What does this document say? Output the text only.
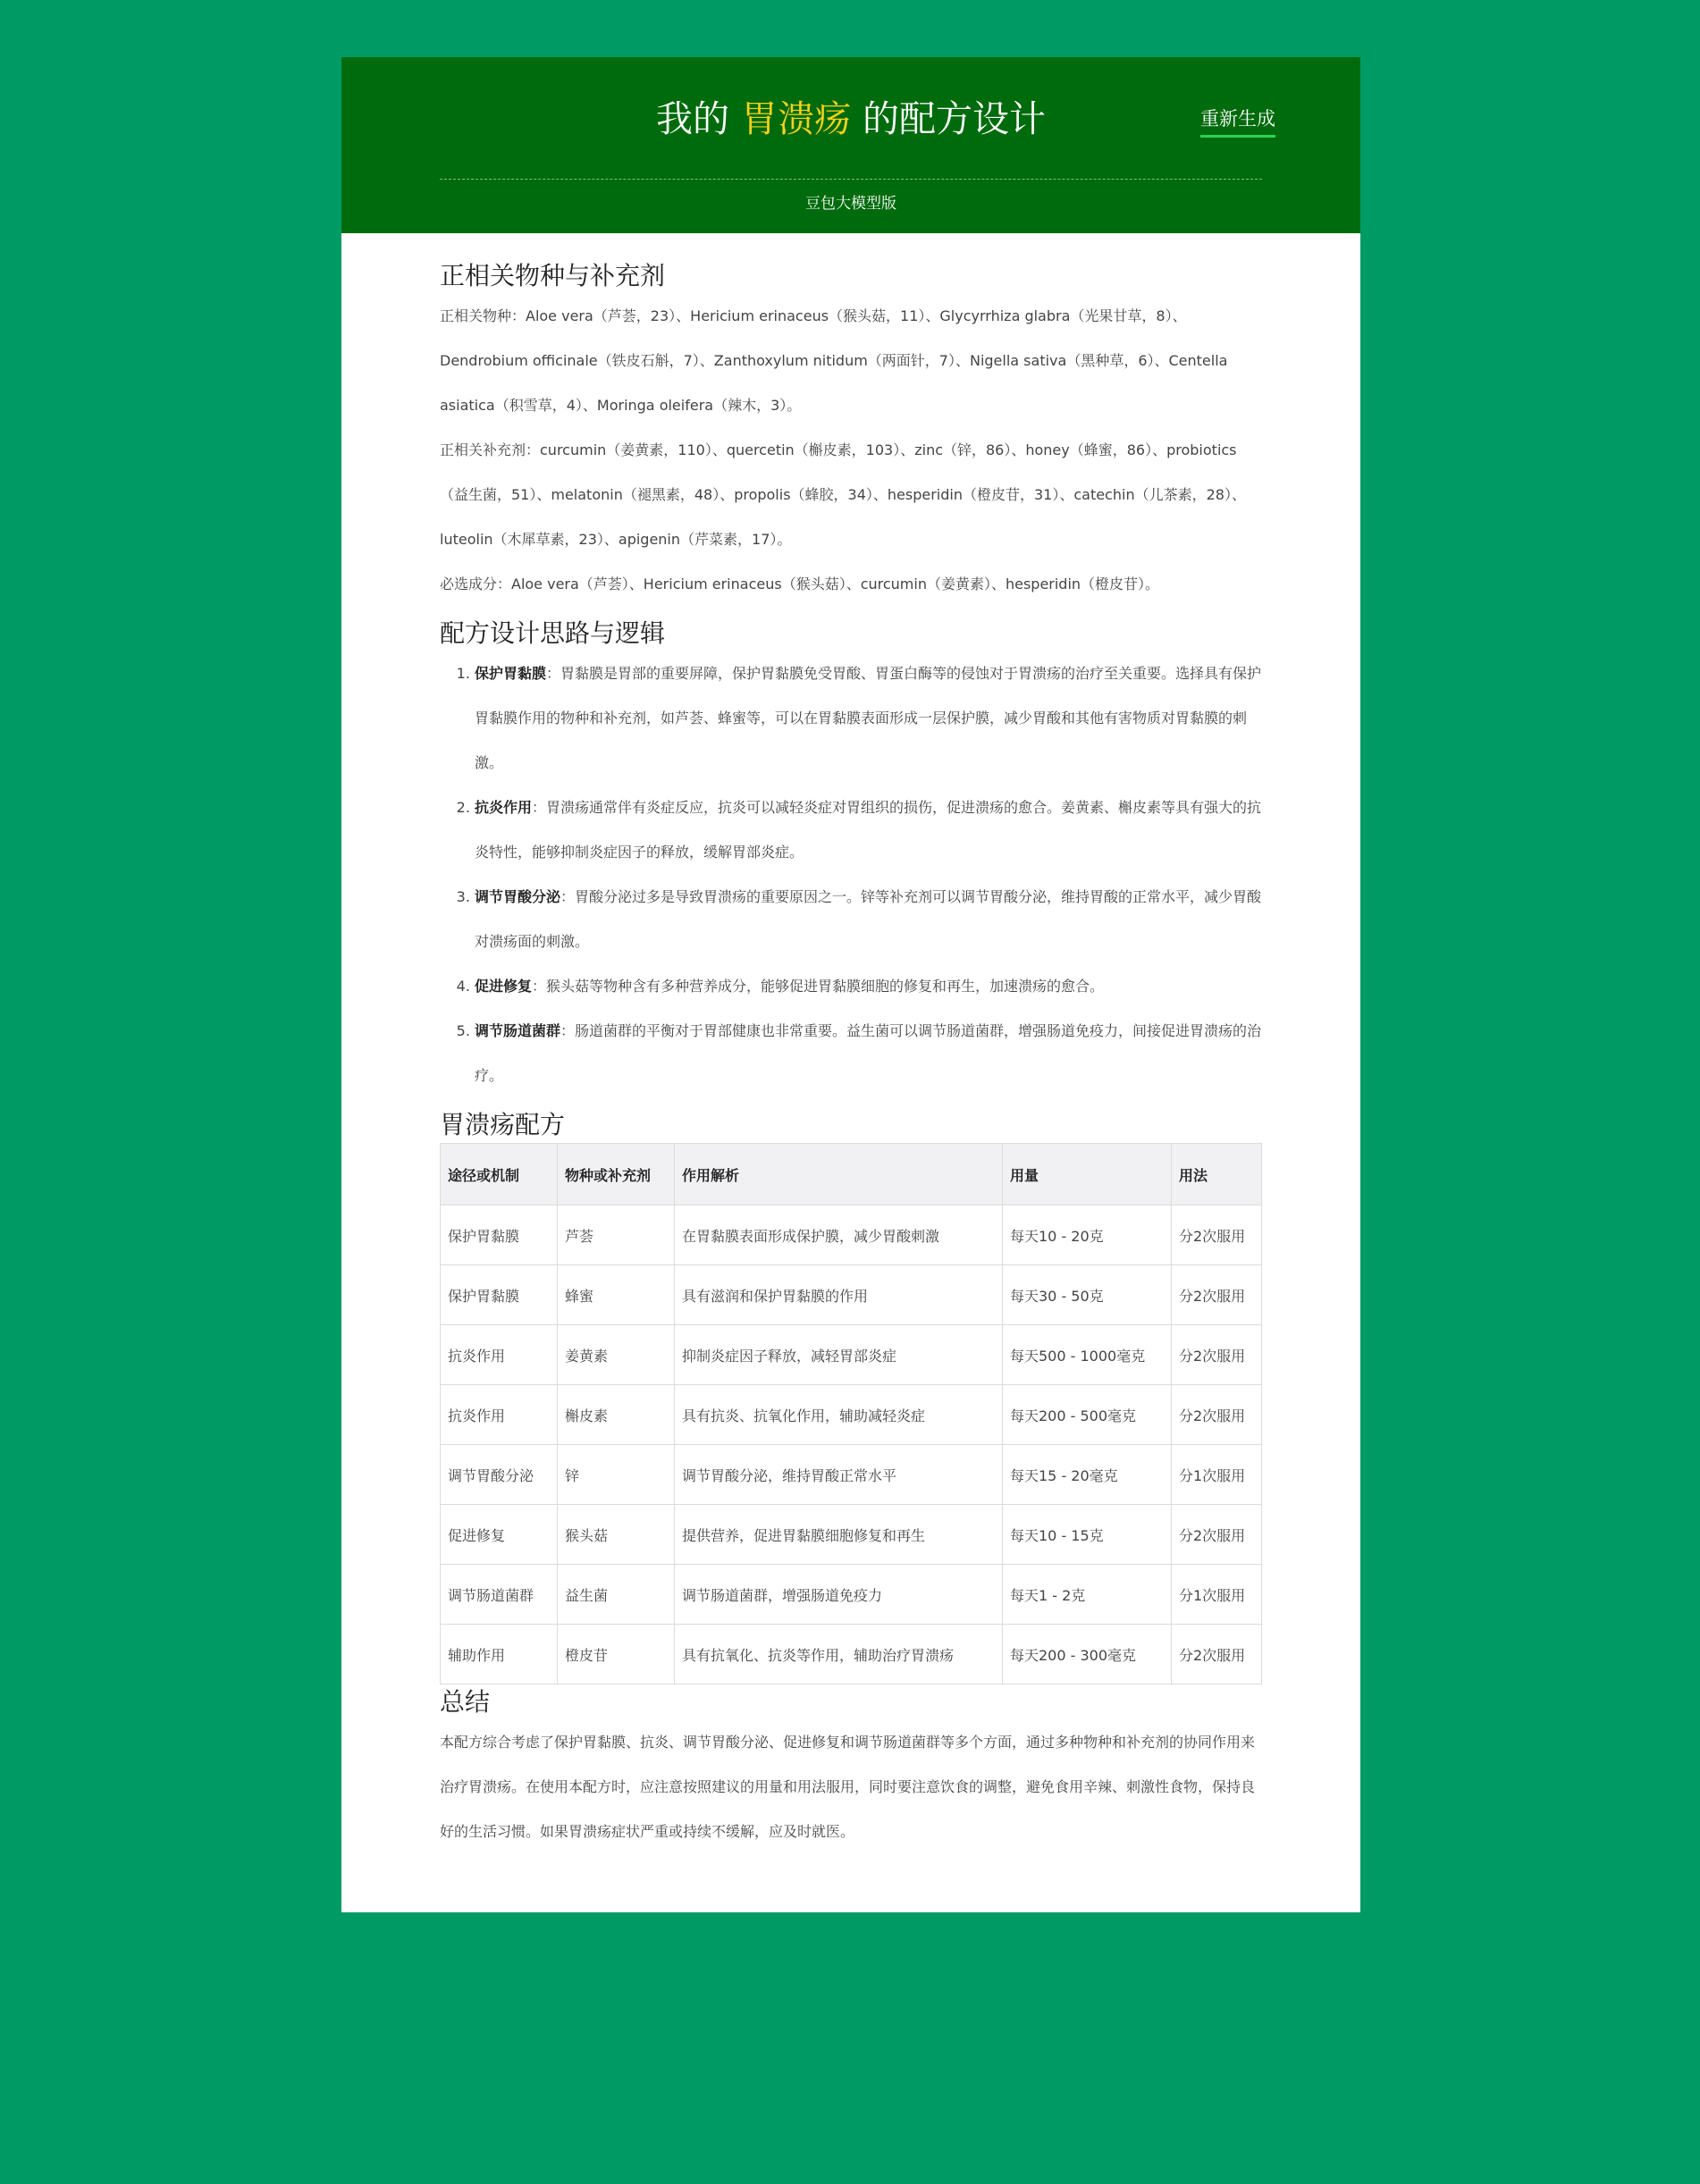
我的 胃溃疡 的配方设计	重新生成
豆包大模型版
正相关物种与补充剂

正相关物种：Aloe vera（芦荟，23）、Hericium erinaceus（猴头菇，11）、Glycyrrhiza glabra（光果甘草，8）、Dendrobium officinale（铁皮石斛，7）、Zanthoxylum nitidum（两面针，7）、Nigella sativa（黑种草，6）、Centella asiatica（积雪草，4）、Moringa oleifera（辣木，3）。

正相关补充剂：curcumin（姜黄素，110）、quercetin（槲皮素，103）、zinc（锌，86）、honey（蜂蜜，86）、probiotics（益生菌，51）、melatonin（褪黑素，48）、propolis（蜂胶，34）、hesperidin（橙皮苷，31）、catechin（儿茶素，28）、luteolin（木犀草素，23）、apigenin（芹菜素，17）。

必选成分：Aloe vera（芦荟）、Hericium erinaceus（猴头菇）、curcumin（姜黄素）、hesperidin（橙皮苷）。

配方设计思路与逻辑
1. 保护胃黏膜：胃黏膜是胃部的重要屏障，保护胃黏膜免受胃酸、胃蛋白酶等的侵蚀对于胃溃疡的治疗至关重要。选择具有保护胃黏膜作用的物种和补充剂，如芦荟、蜂蜜等，可以在胃黏膜表面形成一层保护膜，减少胃酸和其他有害物质对胃黏膜的刺激。
2. 抗炎作用：胃溃疡通常伴有炎症反应，抗炎可以减轻炎症对胃组织的损伤，促进溃疡的愈合。姜黄素、槲皮素等具有强大的抗炎特性，能够抑制炎症因子的释放，缓解胃部炎症。
3. 调节胃酸分泌：胃酸分泌过多是导致胃溃疡的重要原因之一。锌等补充剂可以调节胃酸分泌，维持胃酸的正常水平，减少胃酸对溃疡面的刺激。
4. 促进修复：猴头菇等物种含有多种营养成分，能够促进胃黏膜细胞的修复和再生，加速溃疡的愈合。
5. 调节肠道菌群：肠道菌群的平衡对于胃部健康也非常重要。益生菌可以调节肠道菌群，增强肠道免疫力，间接促进胃溃疡的治疗。
胃溃疡配方
途径或机制	物种或补充剂	作用解析	用量	用法
保护胃黏膜	芦荟	在胃黏膜表面形成保护膜，减少胃酸刺激	每天10 - 20克	分2次服用
保护胃黏膜	蜂蜜	具有滋润和保护胃黏膜的作用	每天30 - 50克	分2次服用
抗炎作用	姜黄素	抑制炎症因子释放，减轻胃部炎症	每天500 - 1000毫克	分2次服用
抗炎作用	槲皮素	具有抗炎、抗氧化作用，辅助减轻炎症	每天200 - 500毫克	分2次服用
调节胃酸分泌	锌	调节胃酸分泌，维持胃酸正常水平	每天15 - 20毫克	分1次服用
促进修复	猴头菇	提供营养，促进胃黏膜细胞修复和再生	每天10 - 15克	分2次服用
调节肠道菌群	益生菌	调节肠道菌群，增强肠道免疫力	每天1 - 2克	分1次服用
辅助作用	橙皮苷	具有抗氧化、抗炎等作用，辅助治疗胃溃疡	每天200 - 300毫克	分2次服用
总结

本配方综合考虑了保护胃黏膜、抗炎、调节胃酸分泌、促进修复和调节肠道菌群等多个方面，通过多种物种和补充剂的协同作用来治疗胃溃疡。在使用本配方时，应注意按照建议的用量和用法服用，同时要注意饮食的调整，避免食用辛辣、刺激性食物，保持良好的生活习惯。如果胃溃疡症状严重或持续不缓解，应及时就医。
